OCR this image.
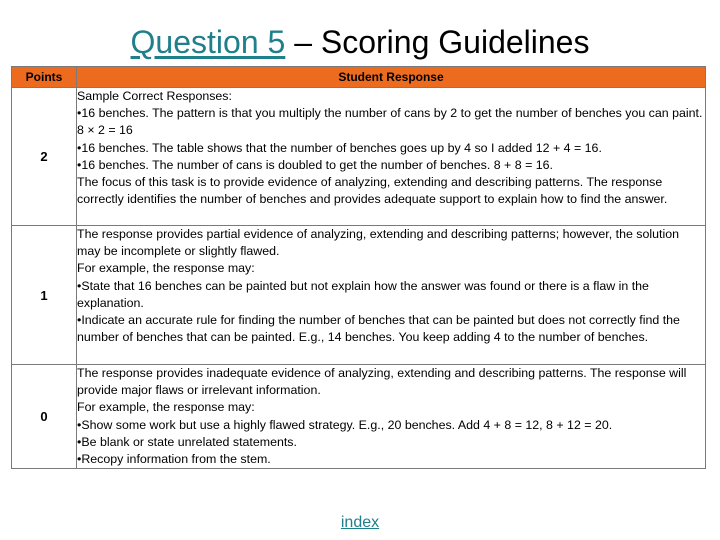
Question 5 – Scoring Guidelines
Points	Student Response
2	Sample Correct Responses:
• 16 benches. The pattern is that you multiply the number of cans by 2 to get the number of benches you can paint. 8 × 2 = 16
• 16 benches. The table shows that the number of benches goes up by 4 so I added 12 + 4 = 16.
• 16 benches. The number of cans is doubled to get the number of benches. 8 + 8 = 16.
The focus of this task is to provide evidence of analyzing, extending and describing patterns. The response correctly identifies the number of benches and provides adequate support to explain how to find the answer.

1	The response provides partial evidence of analyzing, extending and describing patterns; however, the solution may be incomplete or slightly flawed.
For example, the response may:
• State that 16 benches can be painted but not explain how the answer was found or there is a flaw in the explanation.
• Indicate an accurate rule for finding the number of benches that can be painted but does not correctly find the number of benches that can be painted. E.g., 14 benches. You keep adding 4 to the number of benches.

0	The response provides inadequate evidence of analyzing, extending and describing patterns. The response will provide major flaws or irrelevant information.
For example, the response may:
• Show some work but use a highly flawed strategy. E.g., 20 benches. Add 4 + 8 = 12, 8 + 12 = 20.
• Be blank or state unrelated statements.
• Recopy information from the stem.
index
